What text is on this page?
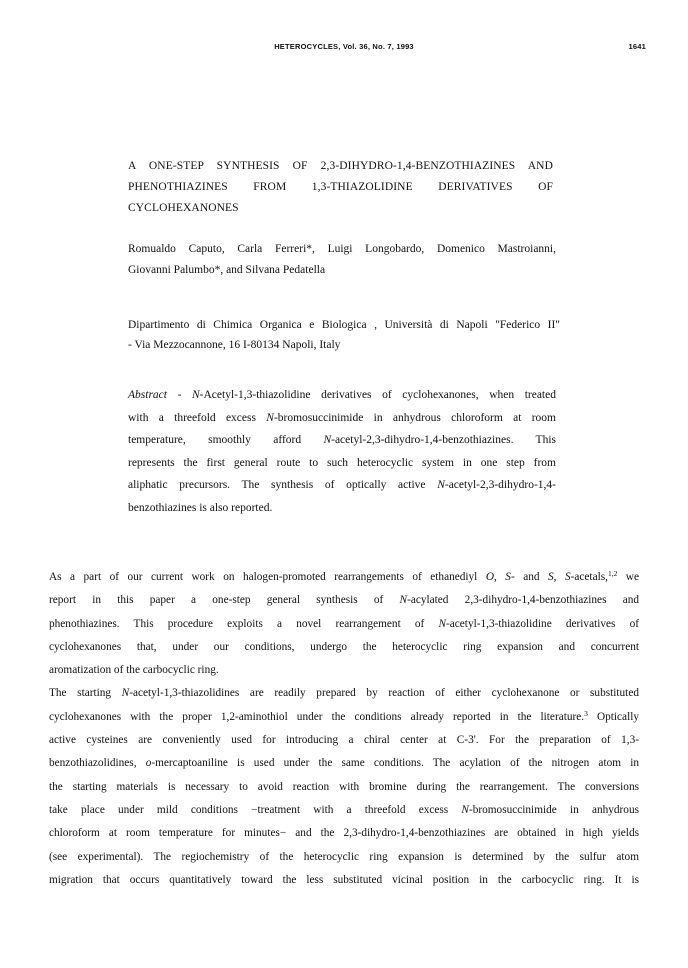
HETEROCYCLES, Vol. 36, No. 7, 1993	1641
A ONE-STEP SYNTHESIS OF 2,3-DIHYDRO-1,4-BENZOTHIAZINES AND
PHENOTHIAZINES FROM 1,3-THIAZOLIDINE DERIVATIVES OF
CYCLOHEXANONES
Romualdo Caputo, Carla Ferreri*, Luigi Longobardo, Domenico Mastroianni,
Giovanni Palumbo*, and Silvana Pedatella
Dipartimento di Chimica Organica e Biologica , Università di Napoli "Federico II"
- Via Mezzocannone, 16 I-80134 Napoli, Italy
Abstract - N-Acetyl-1,3-thiazolidine derivatives of cyclohexanones, when treated
with a threefold excess N-bromosuccinimide in anhydrous chloroform at room
temperature, smoothly afford N-acetyl-2,3-dihydro-1,4-benzothiazines. This
represents the first general route to such heterocyclic system in one step from
aliphatic precursors. The synthesis of optically active N-acetyl-2,3-dihydro-1,4-
benzothiazines is also reported.
As a part of our current work on halogen-promoted rearrangements of ethanediyl O, S- and S, S-acetals,$^{1,2}$ we
report in this paper a one-step general synthesis of N-acylated 2,3-dihydro-1,4-benzothiazines and
phenothiazines. This procedure exploits a novel rearrangement of N-acetyl-1,3-thiazolidine derivatives of
cyclohexanones that, under our conditions, undergo the heterocyclic ring expansion and concurrent
aromatization of the carbocyclic ring.
The starting N-acetyl-1,3-thiazolidines are readily prepared by reaction of either cyclohexanone or substituted
cyclohexanones with the proper 1,2-aminothiol under the conditions already reported in the literature.$^3$ Optically
active cysteines are conveniently used for introducing a chiral center at C-3'. For the preparation of 1,3-
benzothiazolidines, o-mercaptoaniline is used under the same conditions. The acylation of the nitrogen atom in
the starting materials is necessary to avoid reaction with bromine during the rearrangement. The conversions
take place under mild conditions −treatment with a threefold excess N-bromosuccinimide in anhydrous
chloroform at room temperature for minutes− and the 2,3-dihydro-1,4-benzothiazines are obtained in high yields
(see experimental). The regiochemistry of the heterocyclic ring expansion is determined by the sulfur atom
migration that occurs quantitatively toward the less substituted vicinal position in the carbocyclic ring. It is
